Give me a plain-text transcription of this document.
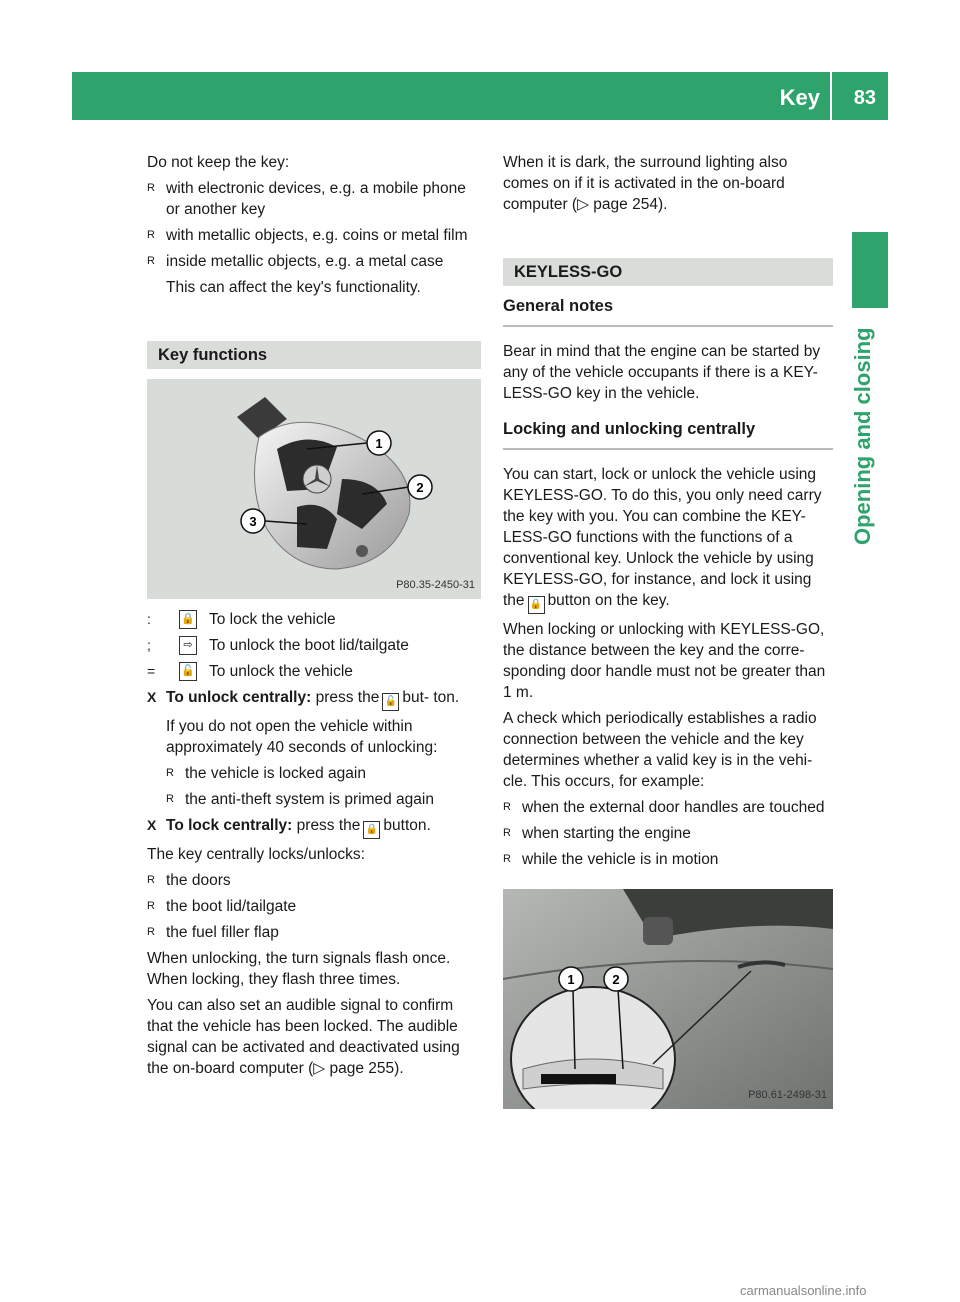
Key 83
Opening and closing

Do not keep the key:

R with electronic devices, e.g. a mobile phone or another key
R with metallic objects, e.g. coins or metal film
R inside metallic objects, e.g. a metal case
This can affect the key's functionality.
Key functions
1
2
3
P80.35-2450-31
:	🔒 To lock the vehicle
;	⇨ To unlock the boot lid/tailgate
= 🔓 To unlock the vehicle
X To unlock centrally: press the 🔓 but- ton.
If you do not open the vehicle within approximately 40 seconds of unlocking:
R the vehicle is locked again
R the anti-theft system is primed again
X To lock centrally: press the 🔒 button.

The key centrally locks/unlocks:

R the doors
R the boot lid/tailgate
R the fuel filler flap

When unlocking, the turn signals flash once. When locking, they flash three times.

You can also set an audible signal to confirm that the vehicle has been locked. The audible signal can be activated and deactivated using the on-board computer (▷ page 255).

When it is dark, the surround lighting also comes on if it is activated in the on-board computer (▷ page 254).

KEYLESS-GO
General notes

Bear in mind that the engine can be started by any of the vehicle occupants if there is a KEY-LESS-GO key in the vehicle.

Locking and unlocking centrally

You can start, lock or unlock the vehicle using KEYLESS-GO. To do this, you only need carry the key with you. You can combine the KEY-LESS-GO functions with the functions of a conventional key. Unlock the vehicle by using KEYLESS-GO, for instance, and lock it using the 🔒 button on the key.

When locking or unlocking with KEYLESS-GO, the distance between the key and the corre-sponding door handle must not be greater than 1 m.

A check which periodically establishes a radio connection between the vehicle and the key determines whether a valid key is in the vehi-cle. This occurs, for example:

R when the external door handles are touched
R when starting the engine
R while the vehicle is in motion
1	2
P80.61-2498-31
carmanualsonline.info
